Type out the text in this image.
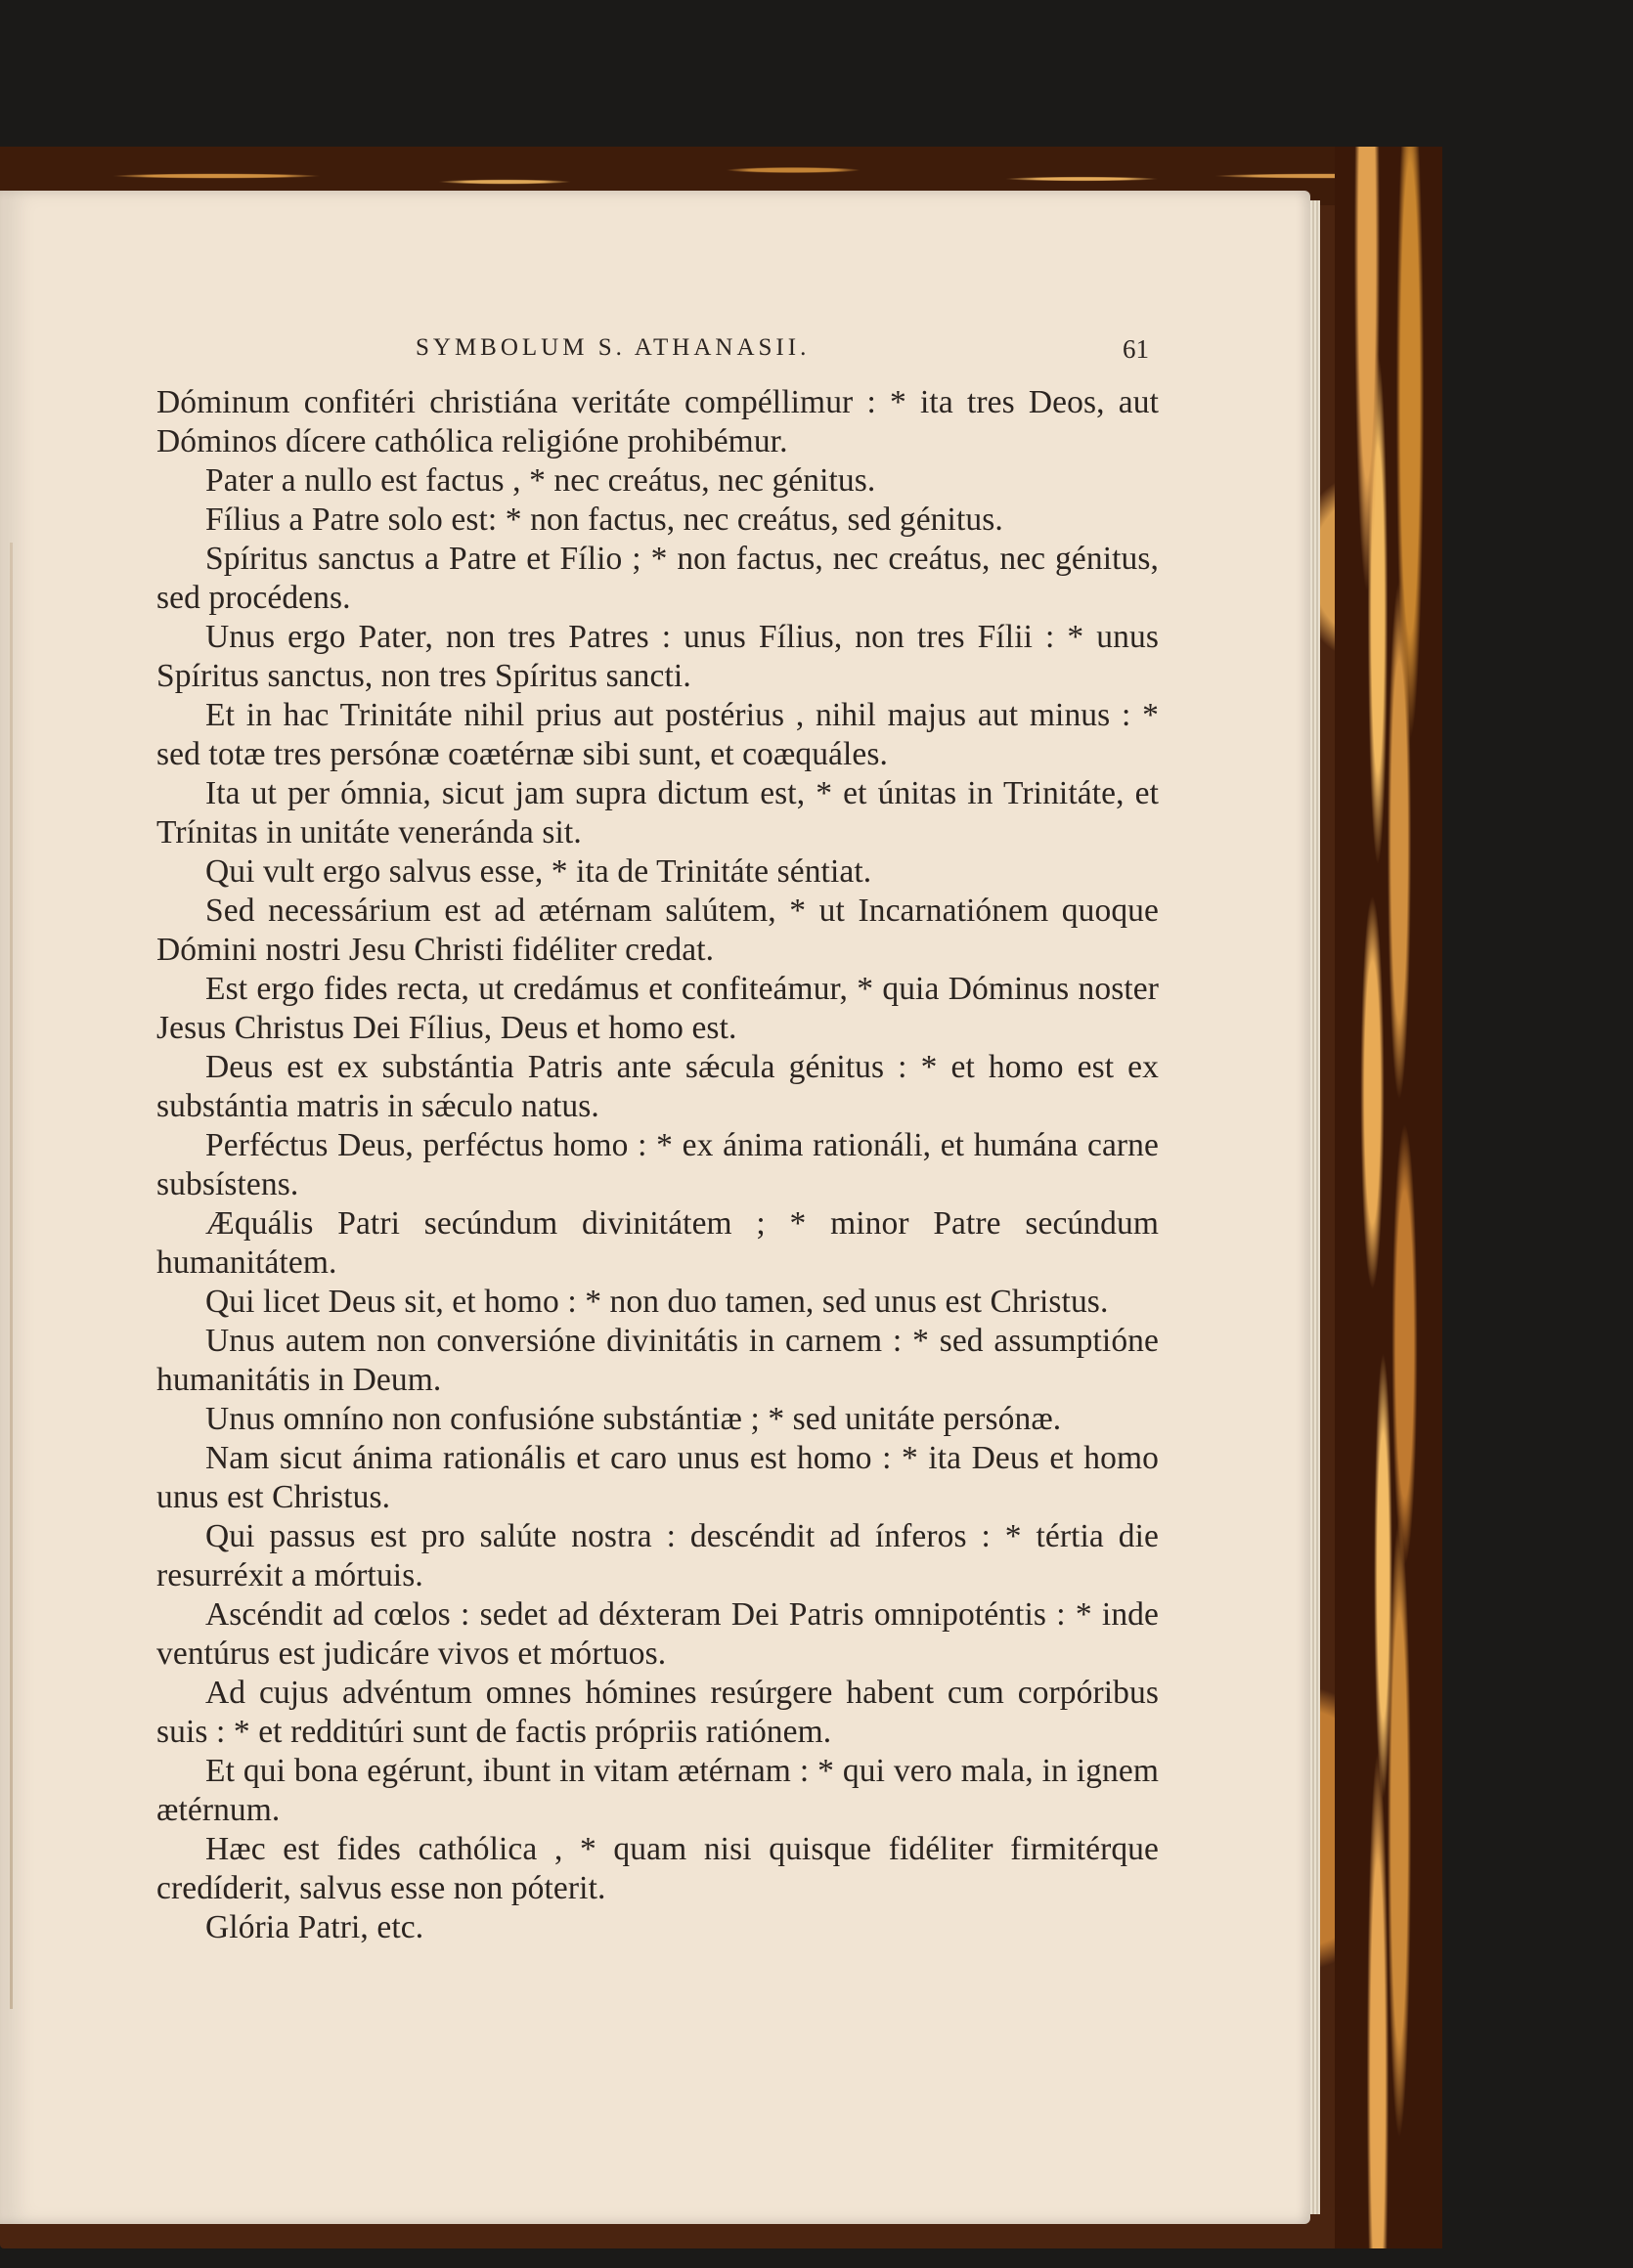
SYMBOLUM S. ATHANASII.	61

Dóminum confitéri christiána veritáte compéllimur : * ita tres Deos, aut Dóminos dícere cathólica religióne prohibémur.

Pater a nullo est factus , * nec creátus, nec génitus.

Fílius a Patre solo est: * non factus, nec creátus, sed génitus.

Spíritus sanctus a Patre et Fílio ; * non factus, nec creátus, nec génitus, sed procédens.

Unus ergo Pater, non tres Patres : unus Fílius, non tres Fílii : * unus Spíritus sanctus, non tres Spíritus sancti.

Et in hac Trinitáte nihil prius aut postérius , nihil majus aut minus : * sed totæ tres persónæ coætérnæ sibi sunt, et coæquáles.

Ita ut per ómnia, sicut jam supra dictum est, * et únitas in Trinitáte, et Trínitas in unitáte veneránda sit.

Qui vult ergo salvus esse, * ita de Trinitáte séntiat.

Sed necessárium est ad ætérnam salútem, * ut Incarnatiónem quoque Dómini nostri Jesu Christi fidéliter credat.

Est ergo fides recta, ut credámus et confiteámur, * quia Dóminus noster Jesus Christus Dei Fílius, Deus et homo est.

Deus est ex substántia Patris ante sǽcula génitus : * et homo est ex substántia matris in sǽculo natus.

Perféctus Deus, perféctus homo : * ex ánima rationáli, et humána carne subsístens.

Æquális Patri secúndum divinitátem ; * minor Patre secúndum humanitátem.

Qui licet Deus sit, et homo : * non duo tamen, sed unus est Christus.

Unus autem non conversióne divinitátis in carnem : * sed assumptióne humanitátis in Deum.

Unus omníno non confusióne substántiæ ; * sed unitáte persónæ.

Nam sicut ánima rationális et caro unus est homo : * ita Deus et homo unus est Christus.

Qui passus est pro salúte nostra : descéndit ad ínferos : * tértia die resurréxit a mórtuis.

Ascéndit ad cœlos : sedet ad déxteram Dei Patris omnipoténtis : * inde ventúrus est judicáre vivos et mórtuos.

Ad cujus advéntum omnes hómines resúrgere habent cum corpóribus suis : * et redditúri sunt de factis própriis ratiónem.

Et qui bona egérunt, ibunt in vitam ætérnam : * qui vero mala, in ignem ætérnum.

Hæc est fides cathólica , * quam nisi quisque fidéliter firmitérque credíderit, salvus esse non póterit.

Glória Patri, etc.
